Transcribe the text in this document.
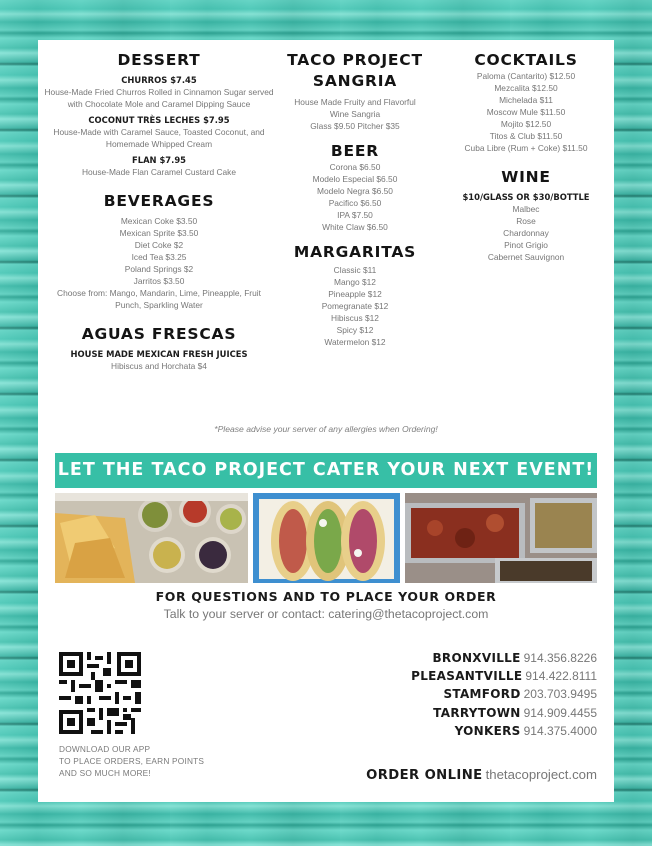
DESSERT
CHURROS $7.45
House-Made Fried Churros Rolled in Cinnamon Sugar served with Chocolate Mole and Caramel Dipping Sauce
COCONUT TRÈS LECHES $7.95
House-Made with Caramel Sauce, Toasted Coconut, and Homemade Whipped Cream
FLAN $7.95
House-Made Flan Caramel Custard Cake
BEVERAGES
Mexican Coke $3.50
Mexican Sprite $3.50
Diet Coke $2
Iced Tea $3.25
Poland Springs $2
Jarritos $3.50
Choose from: Mango, Mandarin, Lime, Pineapple, Fruit Punch, Sparkling Water
AGUAS FRESCAS
HOUSE MADE MEXICAN FRESH JUICES
Hibiscus and Horchata $4
TACO PROJECT SANGRIA
House Made Fruity and Flavorful
Wine Sangria
Glass $9.50 Pitcher $35
BEER
Corona $6.50
Modelo Especial $6.50
Modelo Negra $6.50
Pacifico $6.50
IPA $7.50
White Claw $6.50
MARGARITAS
Classic $11
Mango $12
Pineapple $12
Pomegranate $12
Hibiscus $12
Spicy $12
Watermelon $12
COCKTAILS
Paloma (Cantarito) $12.50
Mezcalita $12.50
Michelada $11
Moscow Mule $11.50
Mojito $12.50
Titos & Club $11.50
Cuba Libre (Rum + Coke) $11.50
WINE
$10/GLASS OR $30/BOTTLE
Malbec
Rose
Chardonnay
Pinot Grigio
Cabernet Sauvignon
*Please advise your server of any allergies when Ordering!
LET THE TACO PROJECT CATER YOUR NEXT EVENT!
FOR QUESTIONS AND TO PLACE YOUR ORDER
Talk to your server or contact: catering@thetacoproject.com
DOWNLOAD OUR APP
TO PLACE ORDERS, EARN POINTS
AND SO MUCH MORE!
BRONXVILLE 914.356.8226
PLEASANTVILLE 914.422.8111
STAMFORD 203.703.9495
TARRYTOWN 914.909.4455
YONKERS 914.375.4000
ORDER ONLINE thetacoproject.com
